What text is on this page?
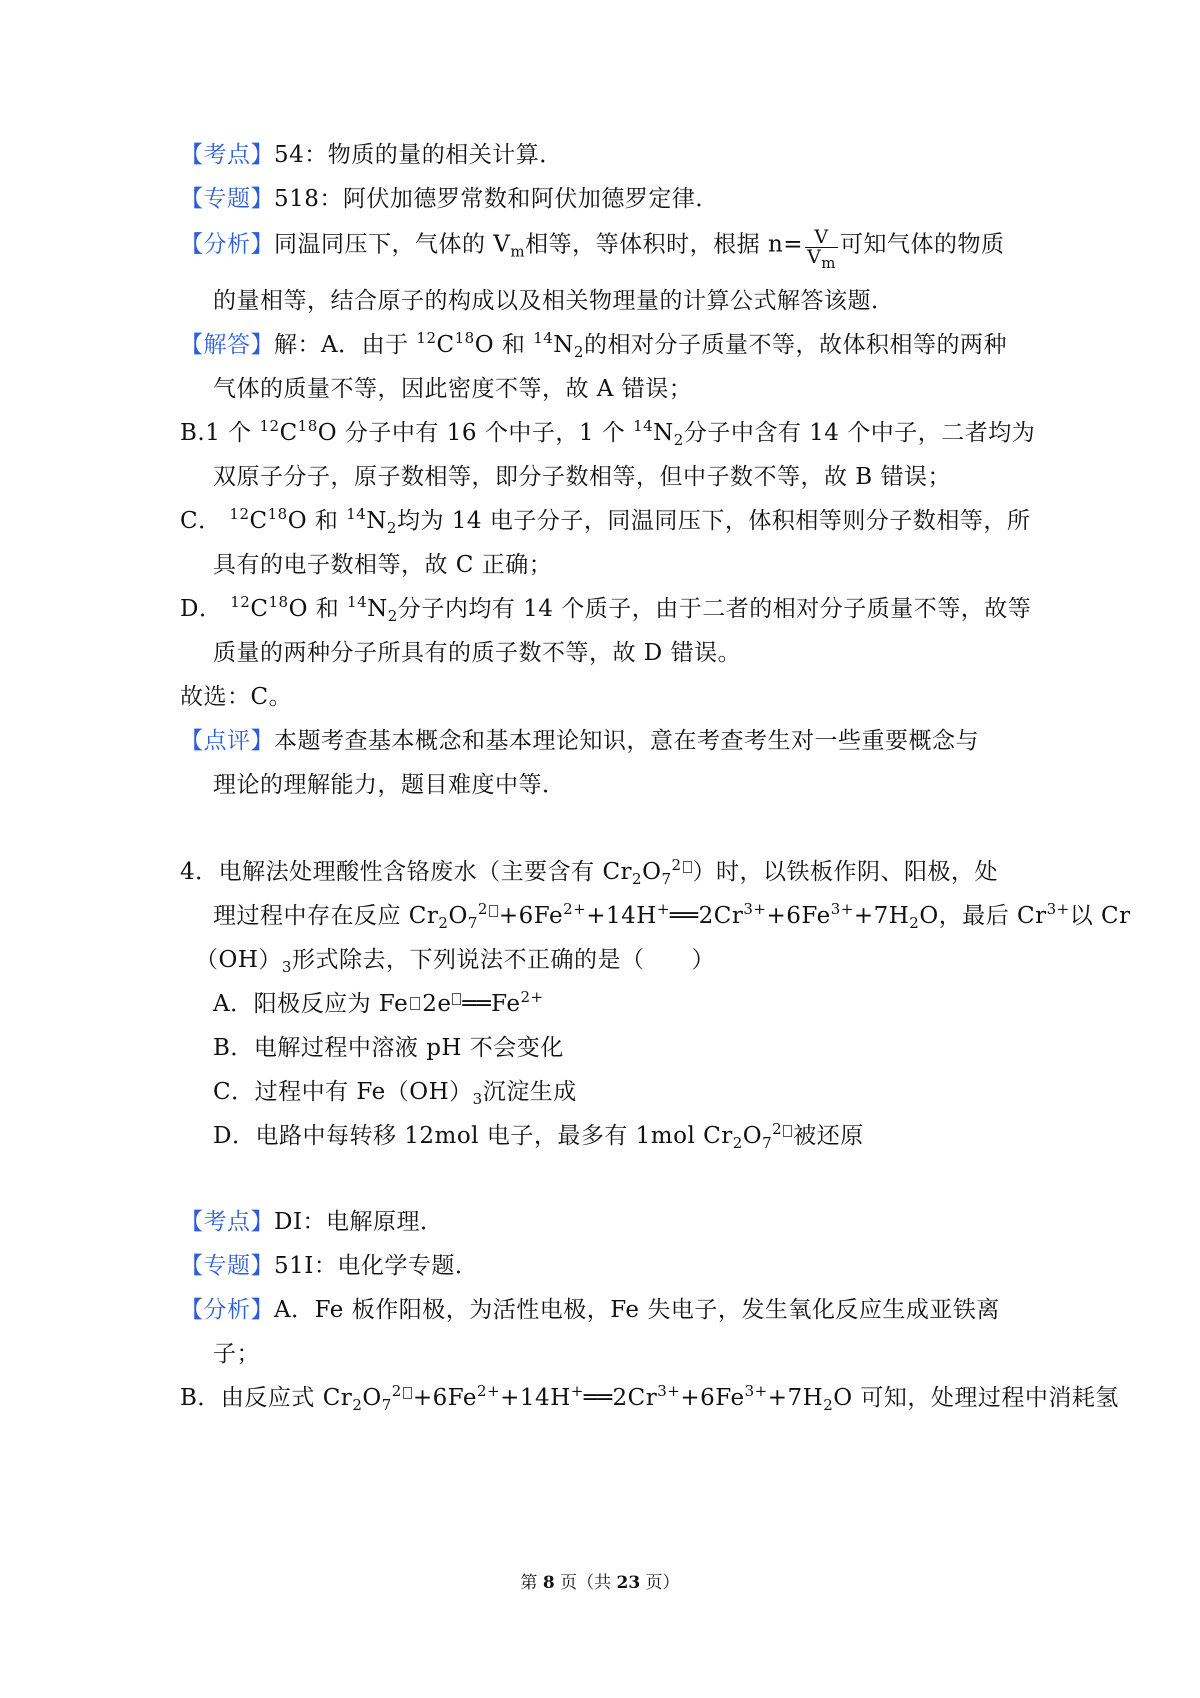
【考点】54：物质的量的相关计算．
【专题】518：阿伏加德罗常数和阿伏加德罗定律．
【分析】同温同压下，气体的 $V_m$相等，等体积时，根据 $n= \frac{V}{V_m}$ 可知气体的物质
的量相等，结合原子的构成以及相关物理量的计算公式解答该题．
【解答】解：A．由于 $^{12}C^{18}O$ 和 $^{14}N_2$的相对分子质量不等，故体积相等的两种
气体的质量不等，因此密度不等，故 A 错误；
B.1 个 $^{12}C^{18}O$ 分子中有 16 个中子，1 个 $^{14}N_2$分子中含有 14 个中子，二者均为
双原子分子，原子数相等，即分子数相等，但中子数不等，故 B 错误；
C． $^{12}C^{18}O$ 和 $^{14}N_2$均为 14 电子分子，同温同压下，体积相等则分子数相等，所
具有的电子数相等，故 C 正确；
D． $^{12}C^{18}O$ 和 $^{14}N_2$分子内均有 14 个质子，由于二者的相对分子质量不等，故等
质量的两种分子所具有的质子数不等，故 D 错误。
故选：C。
【点评】本题考查基本概念和基本理论知识，意在考查考生对一些重要概念与
理论的理解能力，题目难度中等．
4．电解法处理酸性含铬废水（主要含有 $Cr_2O_7^2$ ）时，以铁板作阴、阳极，处
理过程中存在反应 $Cr_2O_7^2$ $+6Fe^{2+}+14H^+══2Cr^{3+}+6Fe^{3+}+7H_2O$，最后 $Cr^{3+}$以 Cr
$(OH)_3$形式除去，下列说法不正确的是（　　）
A．阳极反应为 Fe 2e $══Fe^{2+}$
B．电解过程中溶液 pH 不会变化
C．过程中有 $Fe(OH)_3$沉淀生成
D．电路中每转移 12mol 电子，最多有 1mol $Cr_2O_7^2$ 被还原
【考点】DI：电解原理．
【专题】51I：电化学专题．
【分析】A．Fe 板作阳极，为活性电极，Fe 失电子，发生氧化反应生成亚铁离
子；
B．由反应式 $Cr_2O_7^2$ $+6Fe^{2+}+14H^+══2Cr^{3+}+6Fe^{3+}+7H_2O$ 可知，处理过程中消耗氢
第 8 页（共 23 页）
